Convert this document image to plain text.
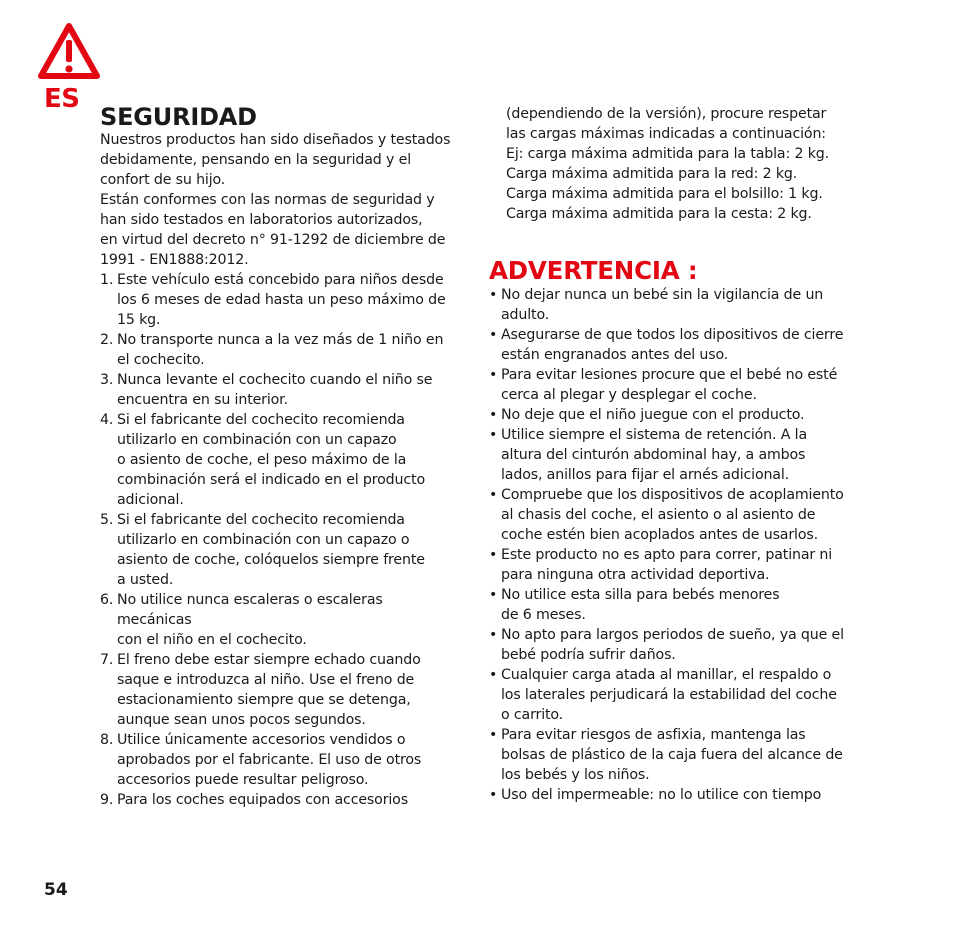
ES
SEGURIDAD

Nuestros productos han sido diseñados y testados
debidamente, pensando en la seguridad y el
confort de su hijo.

Están conformes con las normas de seguridad y
han sido testados en laboratorios autorizados,
en virtud del decreto n° 91-1292 de diciembre de
1991 - EN1888:2012.

1. Este vehículo está concebido para niños desde
los 6 meses de edad hasta un peso máximo de
15 kg.
2. No transporte nunca a la vez más de 1 niño en
el cochecito.
3. Nunca levante el cochecito cuando el niño se
encuentra en su interior.
4. Si el fabricante del cochecito recomienda
utilizarlo en combinación con un capazo
o asiento de coche, el peso máximo de la
combinación será el indicado en el producto
adicional.
5. Si el fabricante del cochecito recomienda
utilizarlo en combinación con un capazo o
asiento de coche, colóquelos siempre frente
a usted.
6. No utilice nunca escaleras o escaleras mecánicas
con el niño en el cochecito.
7. El freno debe estar siempre echado cuando
saque e introduzca al niño. Use el freno de
estacionamiento siempre que se detenga,
aunque sean unos pocos segundos.
8. Utilice únicamente accesorios vendidos o
aprobados por el fabricante. El uso de otros
accesorios puede resultar peligroso.
9. Para los coches equipados con accesorios
(dependiendo de la versión), procure respetar
las cargas máximas indicadas a continuación:
Ej: carga máxima admitida para la tabla: 2 kg.
Carga máxima admitida para la red: 2 kg.
Carga máxima admitida para el bolsillo: 1 kg.
Carga máxima admitida para la cesta: 2 kg.
ADVERTENCIA :
• No dejar nunca un bebé sin la vigilancia de un
adulto.
• Asegurarse de que todos los dipositivos de cierre
están engranados antes del uso.
• Para evitar lesiones procure que el bebé no esté
cerca al plegar y desplegar el coche.
• No deje que el niño juegue con el producto.
• Utilice siempre el sistema de retención. A la
altura del cinturón abdominal hay, a ambos
lados, anillos para fijar el arnés adicional.
• Compruebe que los dispositivos de acoplamiento
al chasis del coche, el asiento o al asiento de
coche estén bien acoplados antes de usarlos.
• Este producto no es apto para correr, patinar ni
para ninguna otra actividad deportiva.
• No utilice esta silla para bebés menores
de 6 meses.
• No apto para largos periodos de sueño, ya que el
bebé podría sufrir daños.
• Cualquier carga atada al manillar, el respaldo o
los laterales perjudicará la estabilidad del coche
o carrito.
• Para evitar riesgos de asfixia, mantenga las
bolsas de plástico de la caja fuera del alcance de
los bebés y los niños.
• Uso del impermeable: no lo utilice con tiempo
54
